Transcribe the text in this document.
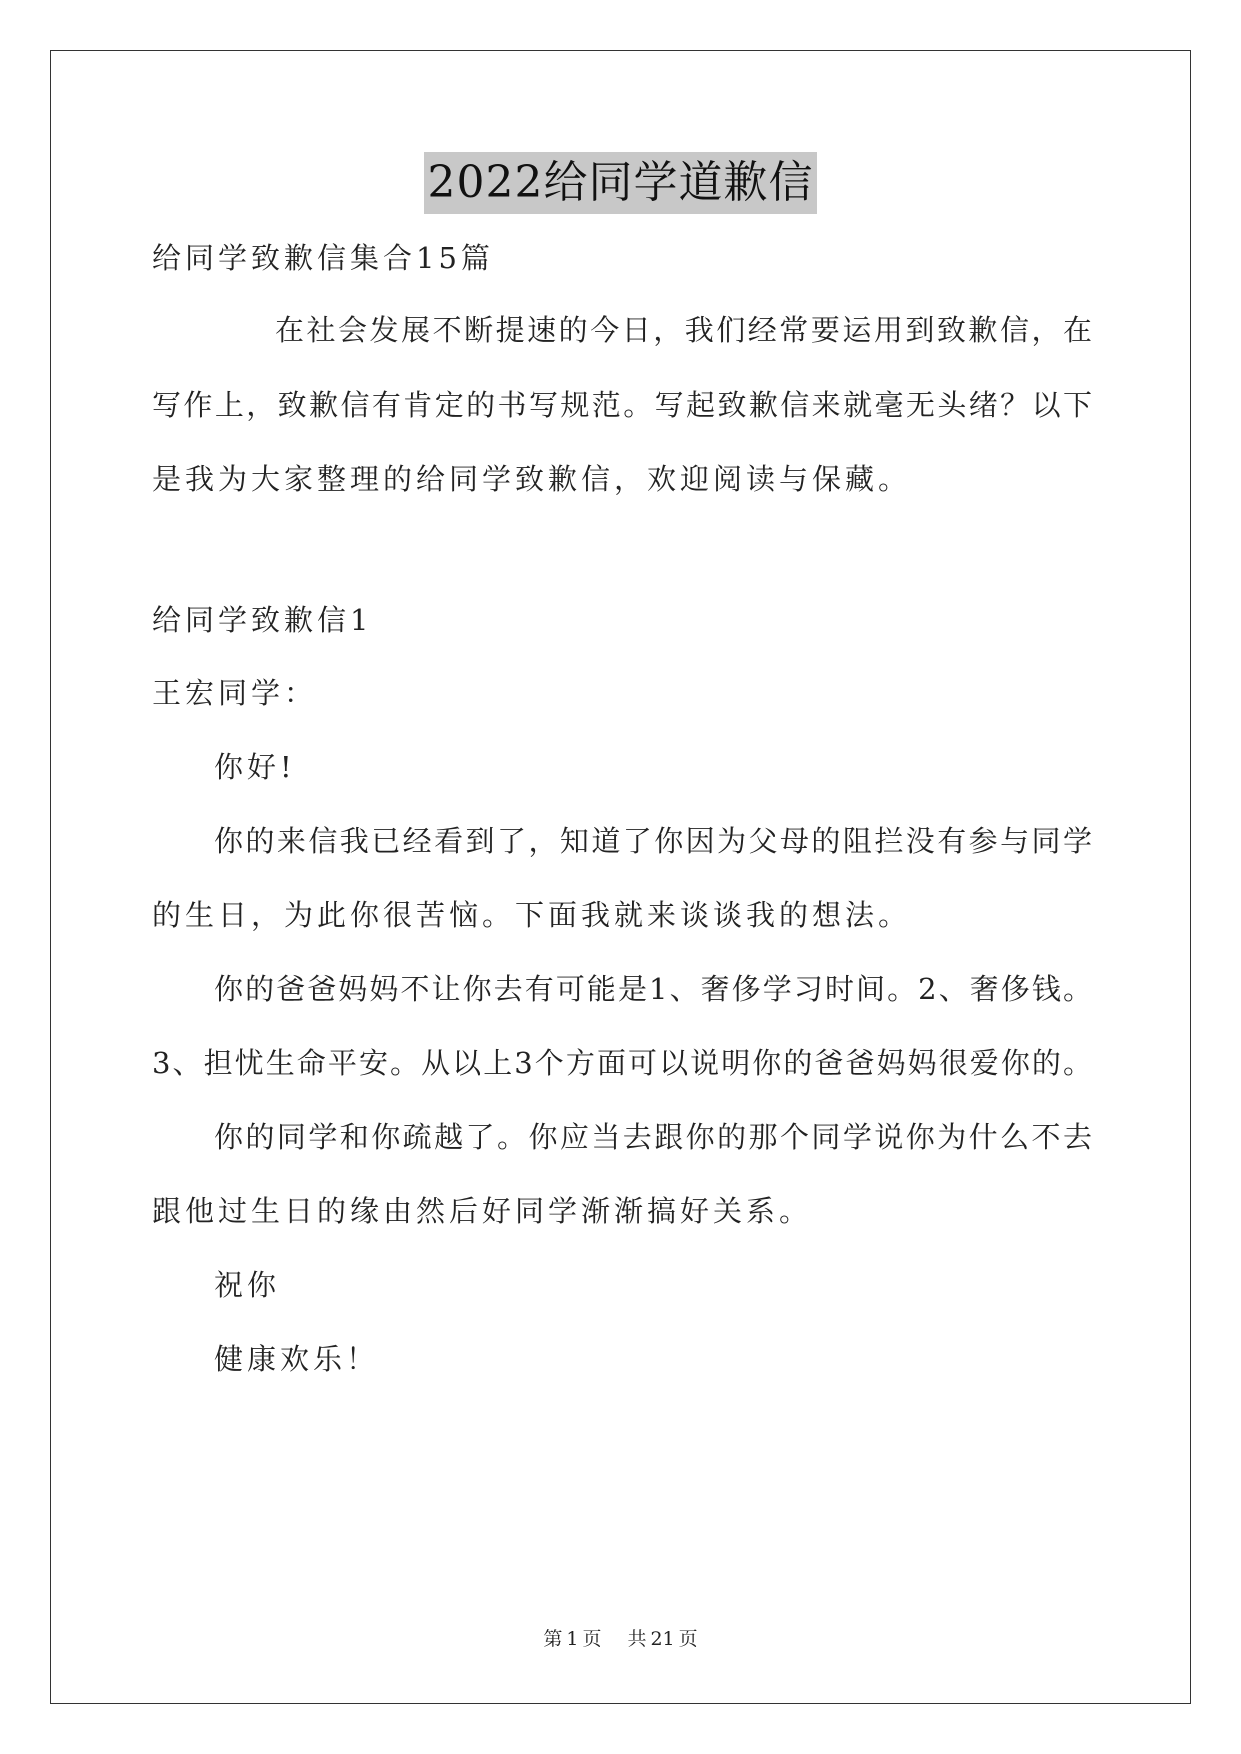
2022给同学道歉信
给同学致歉信集合15篇
在社会发展不断提速的今日，我们经常要运用到致歉信，在
写作上，致歉信有肯定的书写规范。写起致歉信来就毫无头绪？以下
是我为大家整理的给同学致歉信，欢迎阅读与保藏。
给同学致歉信1
王宏同学：
你好!
你的来信我已经看到了，知道了你因为父母的阻拦没有参与同学
的生日，为此你很苦恼。下面我就来谈谈我的想法。
你的爸爸妈妈不让你去有可能是1、奢侈学习时间。2、奢侈钱。
3、担忧生命平安。从以上3个方面可以说明你的爸爸妈妈很爱你的。
你的同学和你疏越了。你应当去跟你的那个同学说你为什么不去
跟他过生日的缘由然后好同学渐渐搞好关系。
祝你
健康欢乐！
第 1 页 共 21 页
